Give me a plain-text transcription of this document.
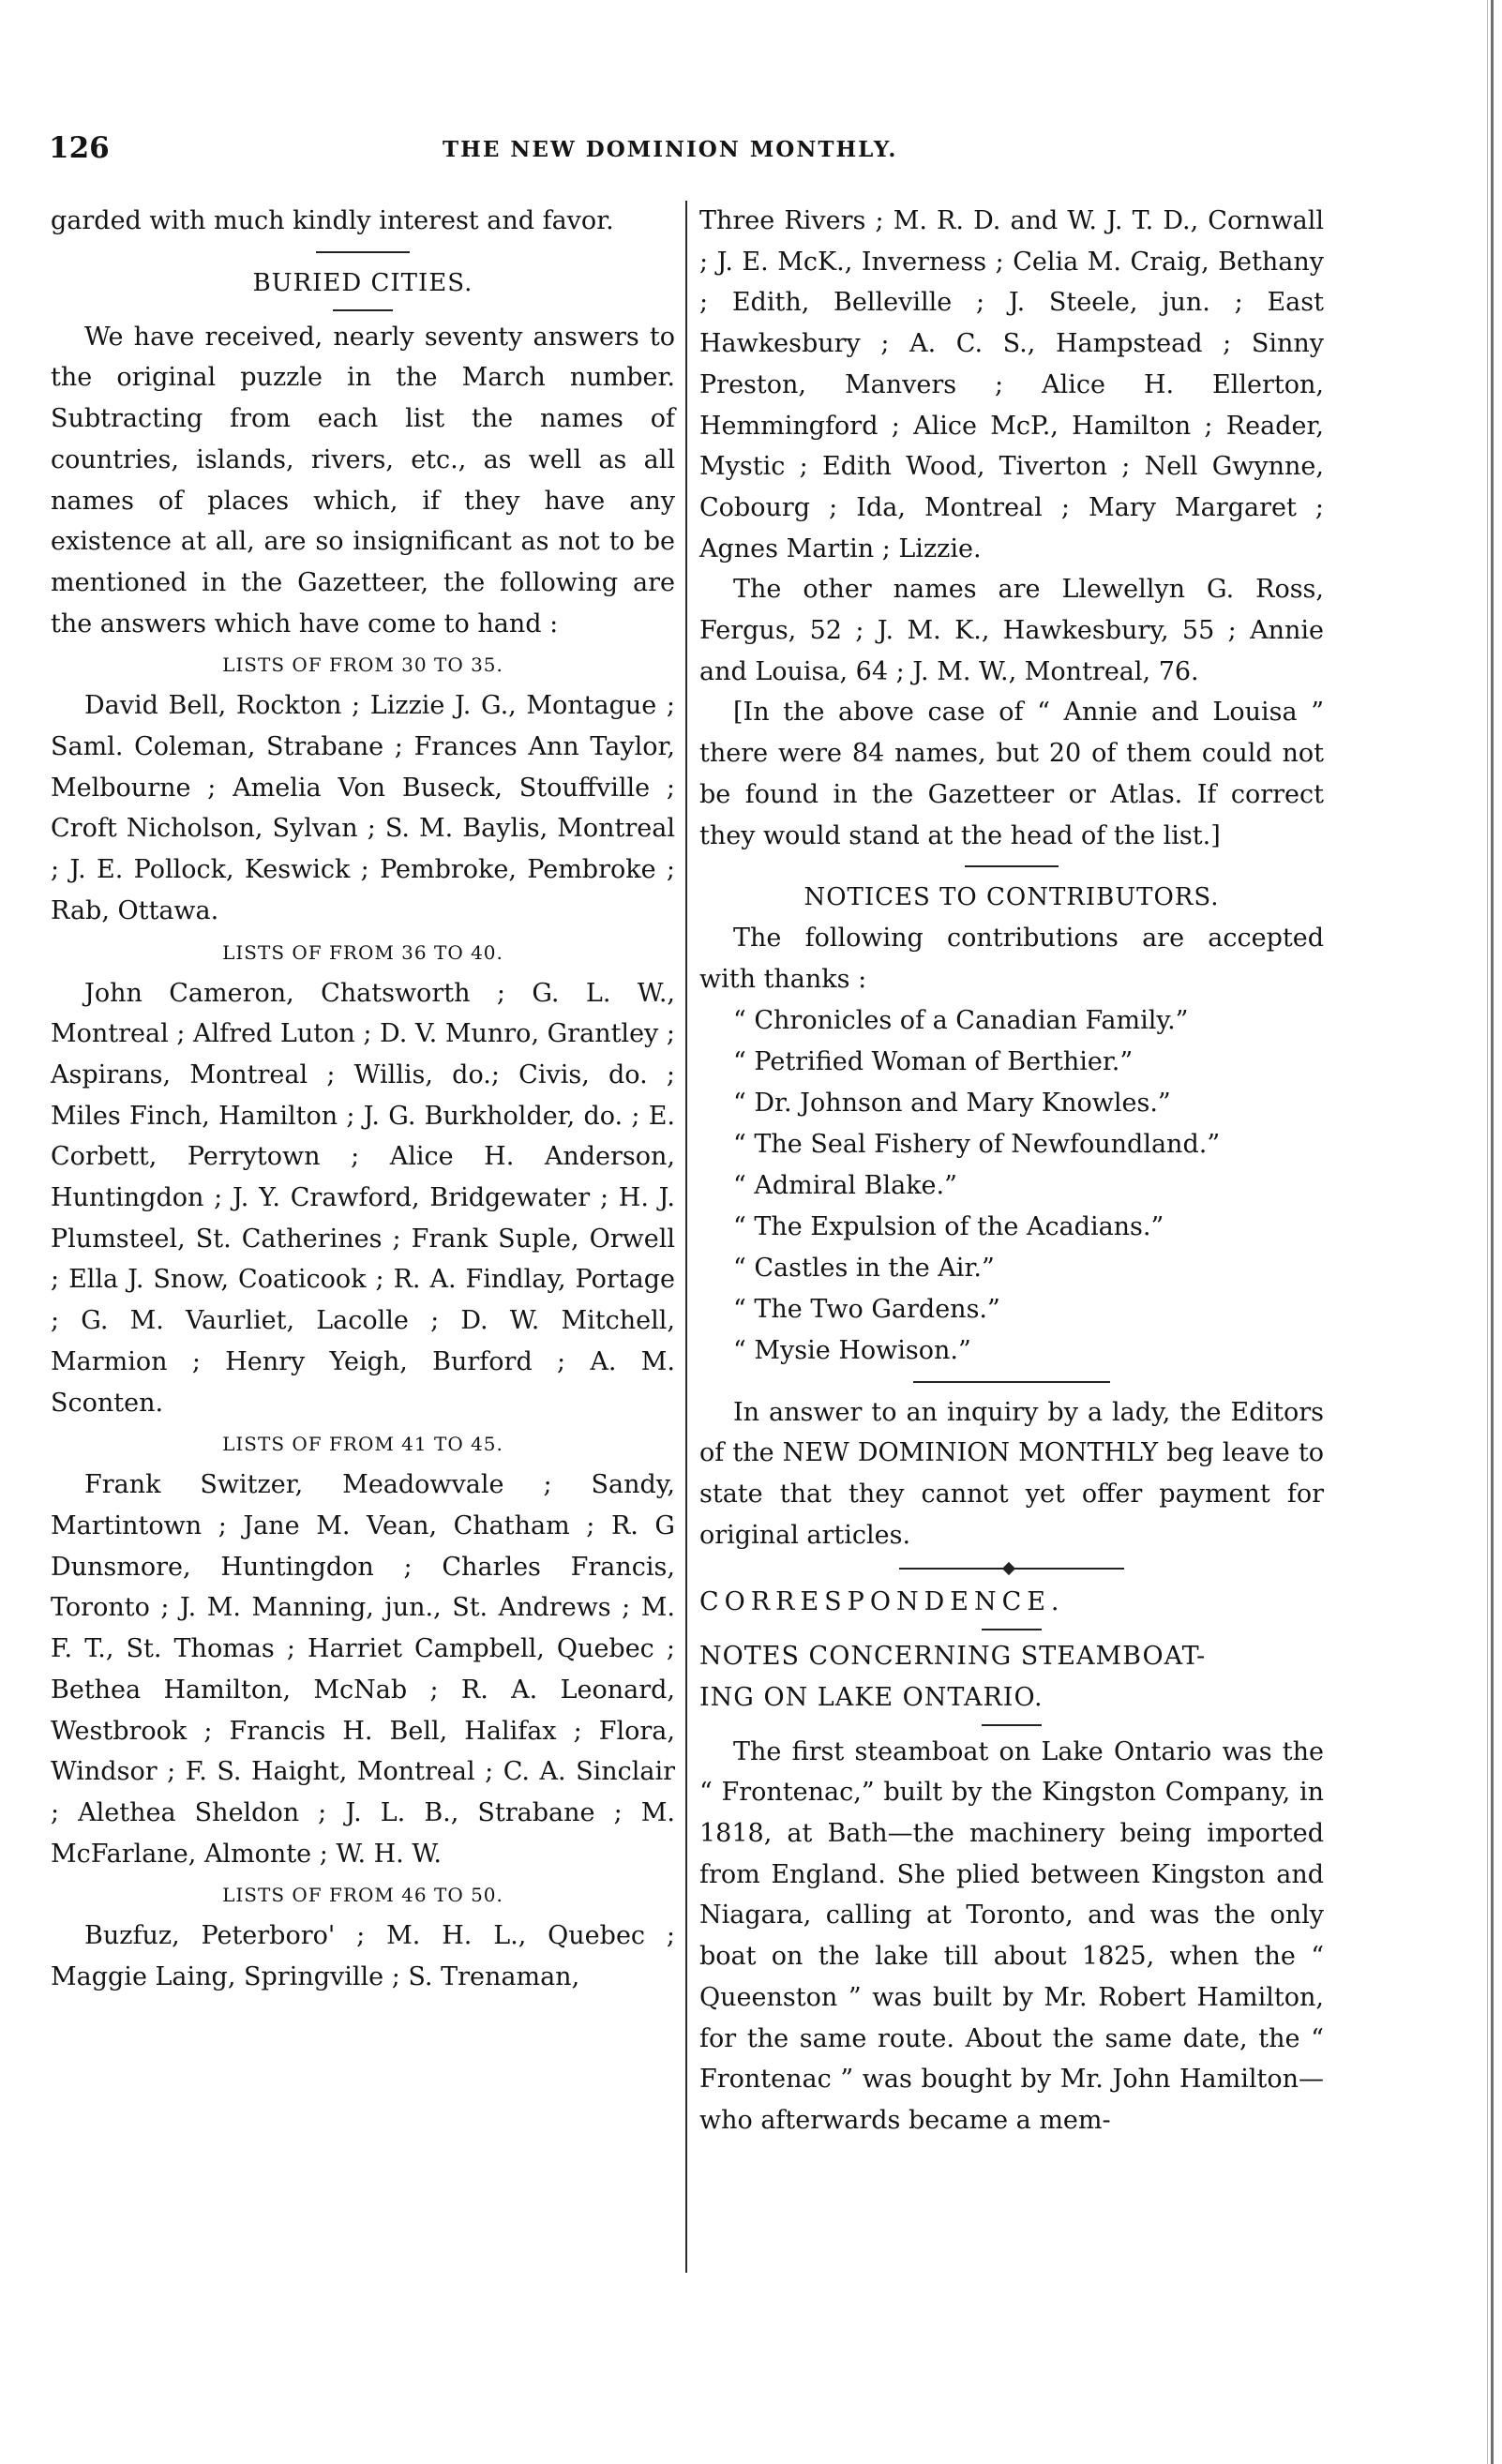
126	THE NEW DOMINION MONTHLY.

garded with much kindly interest and favor.

BURIED CITIES.

We have received, nearly seventy answers to the original puzzle in the March number. Subtracting from each list the names of countries, islands, rivers, etc., as well as all names of places which, if they have any existence at all, are so insignificant as not to be mentioned in the Gazetteer, the following are the answers which have come to hand :

LISTS OF FROM 30 TO 35.

David Bell, Rockton ; Lizzie J. G., Montague ; Saml. Coleman, Strabane ; Frances Ann Taylor, Melbourne ; Amelia Von Buseck, Stouffville ; Croft Nicholson, Sylvan ; S. M. Baylis, Montreal ; J. E. Pollock, Keswick ; Pembroke, Pembroke ; Rab, Ottawa.

LISTS OF FROM 36 TO 40.

John Cameron, Chatsworth ; G. L. W., Montreal ; Alfred Luton ; D. V. Munro, Grantley ; Aspirans, Montreal ; Willis, do.; Civis, do. ; Miles Finch, Hamilton ; J. G. Burkholder, do. ; E. Corbett, Perrytown ; Alice H. Anderson, Huntingdon ; J. Y. Crawford, Bridgewater ; H. J. Plumsteel, St. Catherines ; Frank Suple, Orwell ; Ella J. Snow, Coaticook ; R. A. Findlay, Portage ; G. M. Vaurliet, Lacolle ; D. W. Mitchell, Marmion ; Henry Yeigh, Burford ; A. M. Sconten.

LISTS OF FROM 41 TO 45.

Frank Switzer, Meadowvale ; Sandy, Martintown ; Jane M. Vean, Chatham ; R. G Dunsmore, Huntingdon ; Charles Francis, Toronto ; J. M. Manning, jun., St. Andrews ; M. F. T., St. Thomas ; Harriet Campbell, Quebec ; Bethea Hamilton, McNab ; R. A. Leonard, Westbrook ; Francis H. Bell, Halifax ; Flora, Windsor ; F. S. Haight, Montreal ; C. A. Sinclair ; Alethea Sheldon ; J. L. B., Strabane ; M. McFarlane, Almonte ; W. H. W.

LISTS OF FROM 46 TO 50.

Buzfuz, Peterboro' ; M. H. L., Quebec ; Maggie Laing, Springville ; S. Trenaman,

Three Rivers ; M. R. D. and W. J. T. D., Cornwall ; J. E. McK., Inverness ; Celia M. Craig, Bethany ; Edith, Belleville ; J. Steele, jun. ; East Hawkesbury ; A. C. S., Hampstead ; Sinny Preston, Manvers ; Alice H. Ellerton, Hemmingford ; Alice McP., Hamilton ; Reader, Mystic ; Edith Wood, Tiverton ; Nell Gwynne, Cobourg ; Ida, Montreal ; Mary Margaret ; Agnes Martin ; Lizzie.

The other names are Llewellyn G. Ross, Fergus, 52 ; J. M. K., Hawkesbury, 55 ; Annie and Louisa, 64 ; J. M. W., Montreal, 76.

[In the above case of “ Annie and Louisa ” there were 84 names, but 20 of them could not be found in the Gazetteer or Atlas. If correct they would stand at the head of the list.]

NOTICES TO CONTRIBUTORS.

The following contributions are accepted with thanks :

“ Chronicles of a Canadian Family.”
“ Petrified Woman of Berthier.”
“ Dr. Johnson and Mary Knowles.”
“ The Seal Fishery of Newfoundland.”
“ Admiral Blake.”
“ The Expulsion of the Acadians.”
“ Castles in the Air.”
“ The Two Gardens.”
“ Mysie Howison.”

In answer to an inquiry by a lady, the Editors of the NEW DOMINION MONTHLY beg leave to state that they cannot yet offer payment for original articles.

CORRESPONDENCE.

NOTES CONCERNING STEAMBOAT-

ING ON LAKE ONTARIO.

The first steamboat on Lake Ontario was the “ Frontenac,” built by the Kingston Company, in 1818, at Bath—the machinery being imported from England. She plied between Kingston and Niagara, calling at Toronto, and was the only boat on the lake till about 1825, when the “ Queenston ” was built by Mr. Robert Hamilton, for the same route. About the same date, the “ Frontenac ” was bought by Mr. John Hamilton—who afterwards became a mem-
